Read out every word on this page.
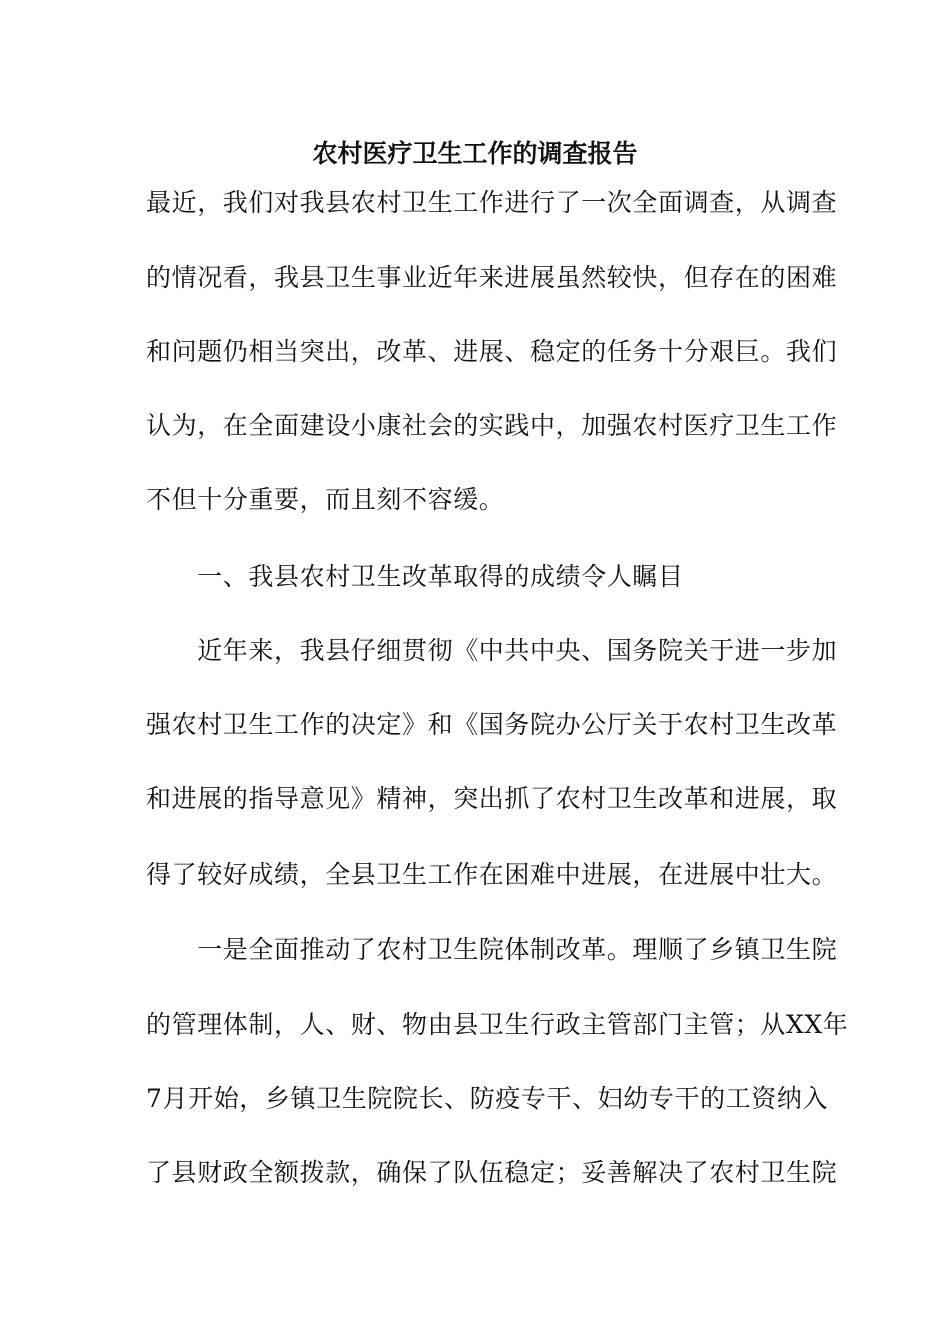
农村医疗卫生工作的调查报告
最近，我们对我县农村卫生工作进行了一次全面调查，从调查
的情况看，我县卫生事业近年来进展虽然较快，但存在的困难
和问题仍相当突出，改革、进展、稳定的任务十分艰巨。我们
认为，在全面建设小康社会的实践中，加强农村医疗卫生工作
不但十分重要，而且刻不容缓。
　　一、我县农村卫生改革取得的成绩令人瞩目
　　近年来，我县仔细贯彻《中共中央、国务院关于进一步加
强农村卫生工作的决定》和《国务院办公厅关于农村卫生改革
和进展的指导意见》精神，突出抓了农村卫生改革和进展，取
得了较好成绩，全县卫生工作在困难中进展，在进展中壮大。
　　一是全面推动了农村卫生院体制改革。理顺了乡镇卫生院
的管理体制，人、财、物由县卫生行政主管部门主管；从XX年
7月开始，乡镇卫生院院长、防疫专干、妇幼专干的工资纳入
了县财政全额拨款，确保了队伍稳定；妥善解决了农村卫生院
